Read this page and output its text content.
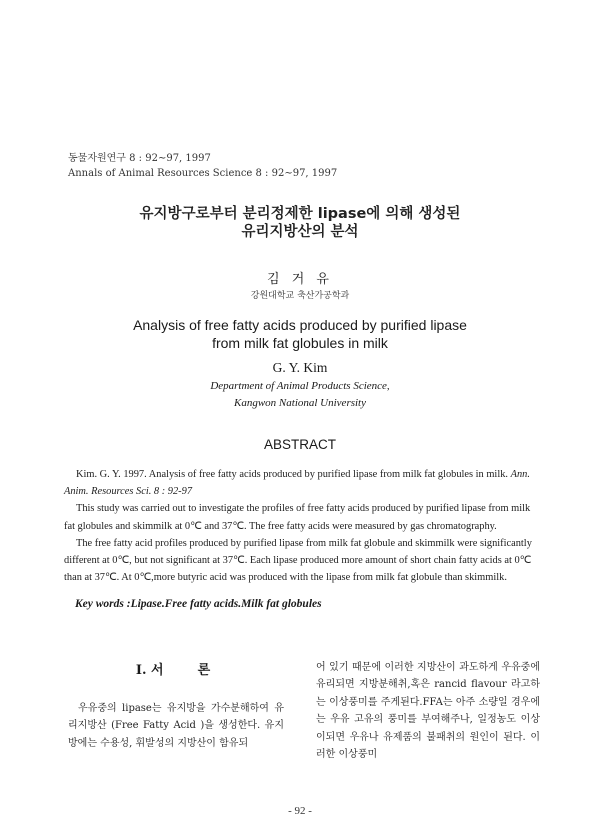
동물자원연구 8 : 92∼97, 1997
Annals of Animal Resources Science 8 : 92∼97, 1997
유지방구로부터 분리정제한 lipase에 의해 생성된
유리지방산의 분석
김 거 유
강원대학교 축산가공학과
Analysis of free fatty acids produced by purified lipase
from milk fat globules in milk
G. Y. Kim
Department of Animal Products Science,
Kangwon National University
ABSTRACT

Kim. G. Y. 1997. Analysis of free fatty acids produced by purified lipase from milk fat globules in milk. Ann. Anim. Resources Sci. 8 : 92-97

This study was carried out to investigate the profiles of free fatty acids produced by purified lipase from milk fat globules and skimmilk at 0℃ and 37℃. The free fatty acids were measured by gas chromatography.

The free fatty acid profiles produced by purified lipase from milk fat globule and skimmilk were significantly different at 0℃, but not significant at 37℃. Each lipase produced more amount of short chain fatty acids at 0℃ than at 37℃. At 0℃,more butyric acid was produced with the lipase from milk fat globule than skimmilk.

Key words :Lipase.Free fatty acids.Milk fat globules
Ⅰ. 서	론
우유중의 lipase는 유지방을 가수분해하여 유리지방산 (Free Fatty Acid )을 생성한다. 유지방에는 수용성, 휘발성의 지방산이 함유되
어 있기 때문에 이러한 지방산이 과도하게 우유중에 유리되면 지방분해취,혹은 rancid flavour 라고하는 이상풍미를 주게된다.FFA는 아주 소량일 경우에는 우유 고유의 풍미를 부여해주나, 일정농도 이상이되면 우유나 유제품의 불패취의 원인이 된다. 이러한 이상풍미
- 92 -
